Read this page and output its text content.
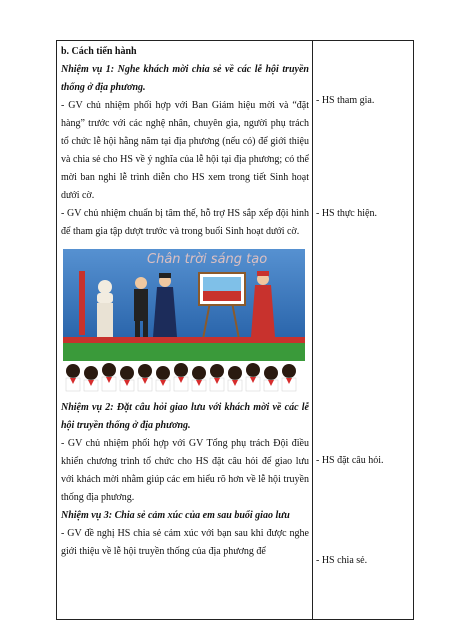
b. Cách tiến hành

Nhiệm vụ 1: Nghe khách mời chia sẻ về các lễ hội truyền thống ở địa phương.

- GV chủ nhiệm phối hợp với Ban Giám hiệu mời và “đặt hàng” trước với các nghệ nhân, chuyên gia, người phụ trách tổ chức lễ hội hằng năm tại địa phương (nếu có) để giới thiệu và chia sẻ cho HS về ý nghĩa của lễ hội tại địa phương; có thể mời ban nghi lễ trình diễn cho HS xem trong tiết Sinh hoạt dưới cờ.

- GV chủ nhiệm chuẩn bị tâm thế, hỗ trợ HS sắp xếp đội hình để tham gia tập dượt trước và trong buổi Sinh hoạt dưới cờ.

Chân trời sáng tạo

Nhiệm vụ 2: Đặt câu hỏi giao lưu với khách mời về các lễ hội truyền thống ở địa phương.

- GV chủ nhiệm phối hợp với GV Tổng phụ trách Đội điều khiển chương trình tổ chức cho HS đặt câu hỏi để giao lưu với khách mời nhằm giúp các em hiểu rõ hơn về lễ hội truyền thống địa phương.

Nhiệm vụ 3: Chia sẻ cảm xúc của em sau buổi giao lưu

- GV đề nghị HS chia sẻ cảm xúc với bạn sau khi được nghe giới thiệu về lễ hội truyền thống của địa phương để

- HS tham gia.
- HS thực hiện.
- HS đặt câu hỏi.
- HS chia sẻ.
